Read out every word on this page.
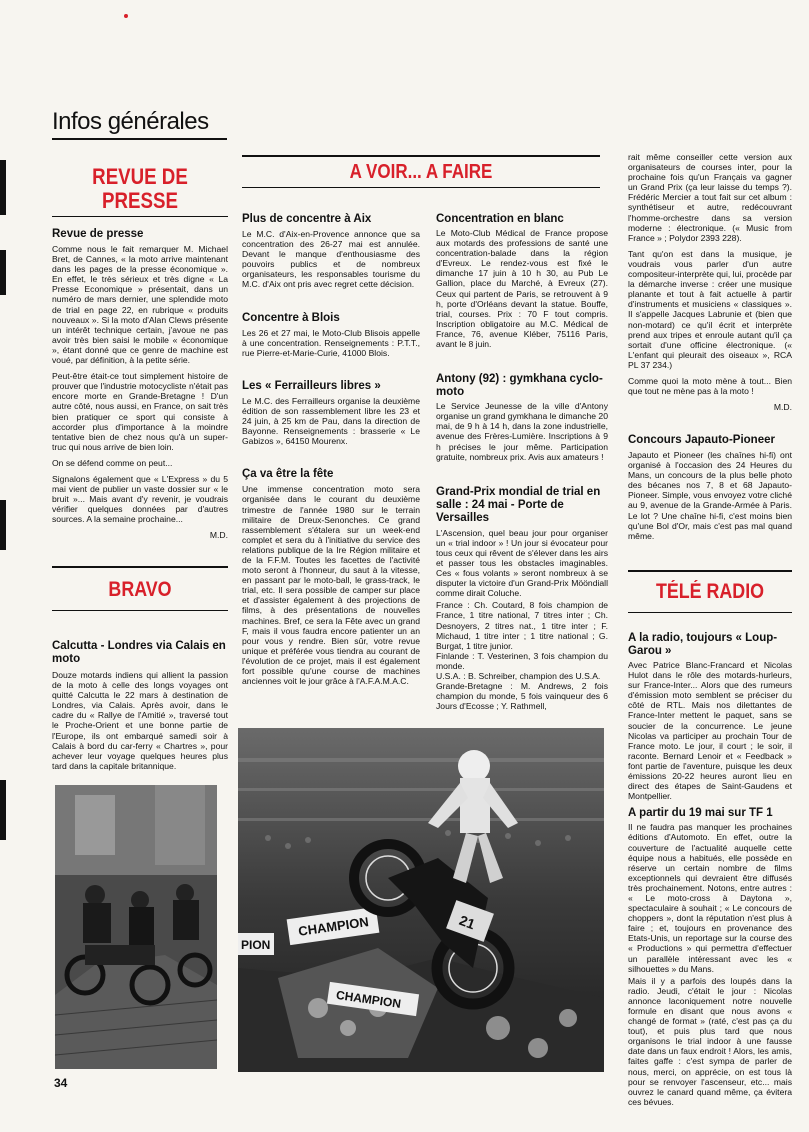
Infos générales
REVUE DE PRESSE
Revue de presse

Comme nous le fait remarquer M. Michael Bret, de Cannes, « la moto arrive maintenant dans les pages de la presse économique ». En effet, le très sérieux et très digne « La Presse Economique » présentait, dans un numéro de mars dernier, une splendide moto de trial en page 22, en rubrique « produits nouveaux ». Si la moto d'Alan Clews présente un intérêt technique certain, j'avoue ne pas avoir très bien saisi le mobile « économique », étant donné que ce genre de machine est voué, par définition, à la petite série.

Peut-être était-ce tout simplement histoire de prouver que l'industrie motocycliste n'était pas encore morte en Grande-Bretagne ! D'un autre côté, nous aussi, en France, on sait très bien pratiquer ce sport qui consiste à accorder plus d'importance à la moindre tentative bien de chez nous qu'à un super-truc qui nous arrive de bien loin.

On se défend comme on peut...

Signalons également que « L'Express » du 5 mai vient de publier un vaste dossier sur « le bruit »... Mais avant d'y revenir, je voudrais vérifier quelques données par d'autres sources. A la semaine prochaine...

M.D.
BRAVO
Calcutta - Londres via Calais en moto
Douze motards indiens qui allient la passion de la moto à celle des longs voyages ont quitté Calcutta le 22 mars à destination de Londres, via Calais. Après avoir, dans le cadre du « Rallye de l'Amitié », traversé tout le Proche-Orient et une bonne partie de l'Europe, ils ont embarqué samedi soir à Calais à bord du car-ferry « Chartres », pour achever leur voyage quelques heures plus tard dans la capitale britannique.
34
A VOIR... A FAIRE
Plus de concentre à Aix
Le M.C. d'Aix-en-Provence annonce que sa concentration des 26-27 mai est annulée. Devant le manque d'enthousiasme des pouvoirs publics et de nombreux organisateurs, les responsables tourisme du M.C. d'Aix ont pris avec regret cette décision.
Concentre à Blois
Les 26 et 27 mai, le Moto-Club Blisois appelle à une concentration. Renseignements : P.T.T., rue Pierre-et-Marie-Curie, 41000 Blois.
Les « Ferrailleurs libres »
Le M.C. des Ferrailleurs organise la deuxième édition de son rassemblement libre les 23 et 24 juin, à 25 km de Pau, dans la direction de Bayonne. Renseignements : brasserie « Le Gabizos », 64150 Mourenx.
Ça va être la fête
Une immense concentration moto sera organisée dans le courant du deuxième trimestre de l'année 1980 sur le terrain militaire de Dreux-Senonches. Ce grand rassemblement s'étalera sur un week-end complet et sera du à l'initiative du service des relations publique de la Ire Région militaire et de la F.F.M. Toutes les facettes de l'activité moto seront à l'honneur, du saut à la vitesse, en passant par le moto-ball, le grass-track, le trial, etc. Il sera possible de camper sur place et d'assister également à des projections de films, à des présentations de nouvelles machines. Bref, ce sera la Fête avec un grand F, mais il vous faudra encore patienter un an pour vous y rendre. Bien sûr, votre revue unique et préférée vous tiendra au courant de l'évolution de ce projet, mais il est également fort possible qu'une course de machines anciennes voit le jour grâce à l'A.F.A.M.A.C.
Concentration en blanc
Le Moto-Club Médical de France propose aux motards des professions de santé une concentration-balade dans la région d'Evreux. Le rendez-vous est fixé le dimanche 17 juin à 10 h 30, au Pub Le Gallion, place du Marché, à Evreux (27). Ceux qui partent de Paris, se retrouvent à 9 h, porte d'Orléans devant la statue. Bouffe, trial, courses. Prix : 70 F tout compris. Inscription obligatoire au M.C. Médical de France, 76, avenue Kléber, 75116 Paris, avant le 8 juin.
Antony (92) : gymkhana cyclo-moto
Le Service Jeunesse de la ville d'Antony organise un grand gymkhana le dimanche 20 mai, de 9 h à 14 h, dans la zone industrielle, avenue des Frères-Lumière. Inscriptions à 9 h précises le jour même. Participation gratuite, nombreux prix. Avis aux amateurs !
Grand-Prix mondial de trial en salle : 24 mai - Porte de Versailles

L'Ascension, quel beau jour pour organiser un « trial indoor » ! Un jour si évocateur pour tous ceux qui rêvent de s'élever dans les airs et passer tous les obstacles imaginables. Ces « fous volants » seront nombreux à se disputer la victoire d'un Grand-Prix Mööndiall comme dirait Coluche.

France : Ch. Coutard, 8 fois champion de France, 1 titre national, 7 titres inter ; Ch. Desnoyers, 2 titres nat., 1 titre inter ; F. Michaud, 1 titre inter ; 1 titre national ; G. Burgat, 1 titre junior.

Finlande : T. Vesterinen, 3 fois champion du monde.

U.S.A. : B. Schreiber, champion des U.S.A.

Grande-Bretagne : M. Andrews, 2 fois champion du monde, 5 fois vainqueur des 6 Jours d'Ecosse ; Y. Rathmell,

CHAMPION
CHAMPION
PION
21

rait même conseiller cette version aux organisateurs de courses inter, pour la prochaine fois qu'un Français va gagner un Grand Prix (ça leur laisse du temps ?). Frédéric Mercier a tout fait sur cet album : synthétiseur et autre, redécouvrant l'homme-orchestre dans sa version moderne : électronique. (« Music from France » ; Polydor 2393 228).

Tant qu'on est dans la musique, je voudrais vous parler d'un autre compositeur-interprète qui, lui, procède par la démarche inverse : créer une musique planante et tout à fait actuelle à partir d'instruments et musiciens « classiques ». Il s'appelle Jacques Labrunie et (bien que non-motard) ce qu'il écrit et interprète prend aux tripes et enroule autant qu'il ça sortait d'une officine électronique. (« L'enfant qui pleurait des oiseaux », RCA PL 37 234.)

Comme quoi la moto mène à tout... Bien que tout ne mène pas à la moto !

M.D.
Concours Japauto-Pioneer
Japauto et Pioneer (les chaînes hi-fi) ont organisé à l'occasion des 24 Heures du Mans, un concours de la plus belle photo des bécanes nos 7, 8 et 68 Japauto-Pioneer. Simple, vous envoyez votre cliché au 9, avenue de la Grande-Armée à Paris. Le lot ? Une chaîne hi-fi, c'est moins bien qu'une Bol d'Or, mais c'est pas mal quand même.
TÉLÉ RADIO
A la radio, toujours « Loup-Garou »
Avec Patrice Blanc-Francard et Nicolas Hulot dans le rôle des motards-hurleurs, sur France-Inter... Alors que des rumeurs d'émission moto semblent se préciser du côté de RTL. Mais nos dilettantes de France-Inter mettent le paquet, sans se soucier de la concurrence. Le jeune Nicolas va participer au prochain Tour de France moto. Le jour, il court ; le soir, il raconte. Bernard Lenoir et « Feedback » font partie de l'aventure, puisque les deux émissions 20-22 heures auront lieu en direct des étapes de Saint-Gaudens et Montpellier.
A partir du 19 mai sur TF 1

Il ne faudra pas manquer les prochaines éditions d'Automoto. En effet, outre la couverture de l'actualité auquelle cette équipe nous a habitués, elle possède en réserve un certain nombre de films exceptionnels qui devraient être diffusés très prochainement. Notons, entre autres : « Le moto-cross à Daytona », spectaculaire à souhait ; « Le concours de choppers », dont la réputation n'est plus à faire ; et, toujours en provenance des Etats-Unis, un reportage sur la course des « Productions » qui permettra d'effectuer un parallèle intéressant avec les « silhouettes » du Mans.

Mais il y a parfois des loupés dans la radio. Jeudi, c'était le jour : Nicolas annonce laconiquement notre nouvelle formule en disant que nous avons « changé de format » (raté, c'est pas ça du tout), et puis plus tard que nous organisons le trial indoor à une fausse date dans un faux endroit ! Alors, les amis, faites gaffe : c'est sympa de parler de nous, merci, on apprécie, on est tous là pour se renvoyer l'ascenseur, etc... mais ouvrez le canard quand même, ça évitera ces bévues.
